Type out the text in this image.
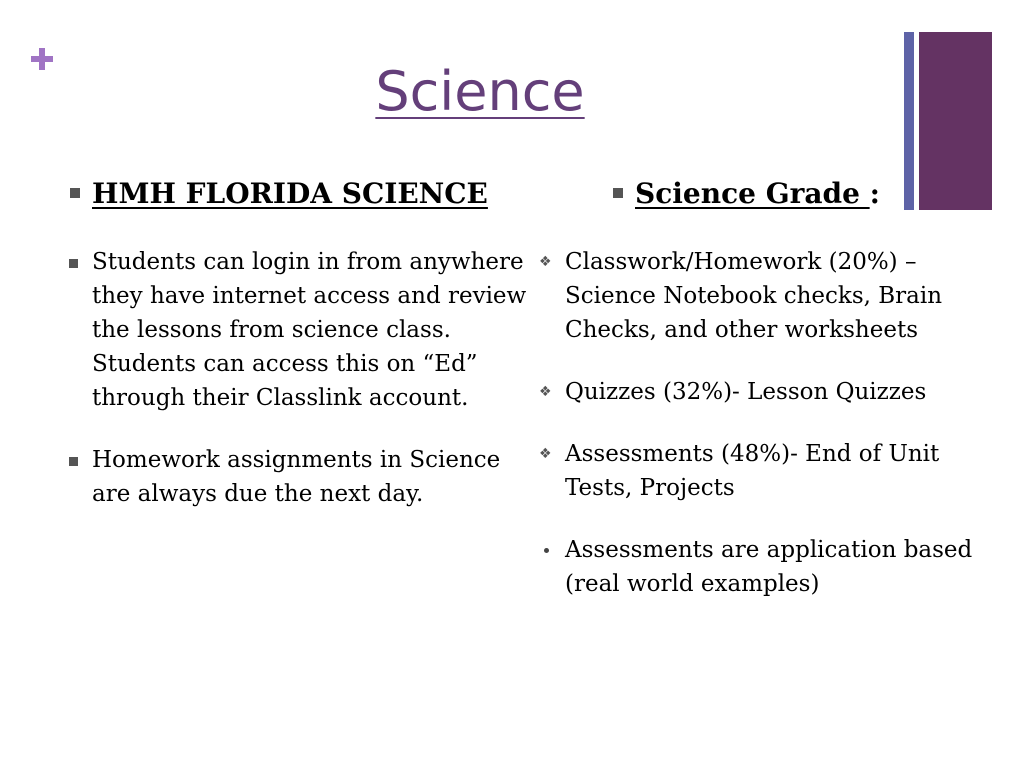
Science
HMH FLORIDA SCIENCE	Science Grade :
Students can login in from anywhere they have internet access and review the lessons from science class. Students can access this on “Ed” through their Classlink account.
Homework assignments in Science are always due the next day.
❖ Classwork/Homework (20%) – Science Notebook checks, Brain Checks, and other worksheets
❖ Quizzes (32%)- Lesson Quizzes
❖ Assessments (48%)- End of Unit Tests, Projects
Assessments are application based (real world examples)
